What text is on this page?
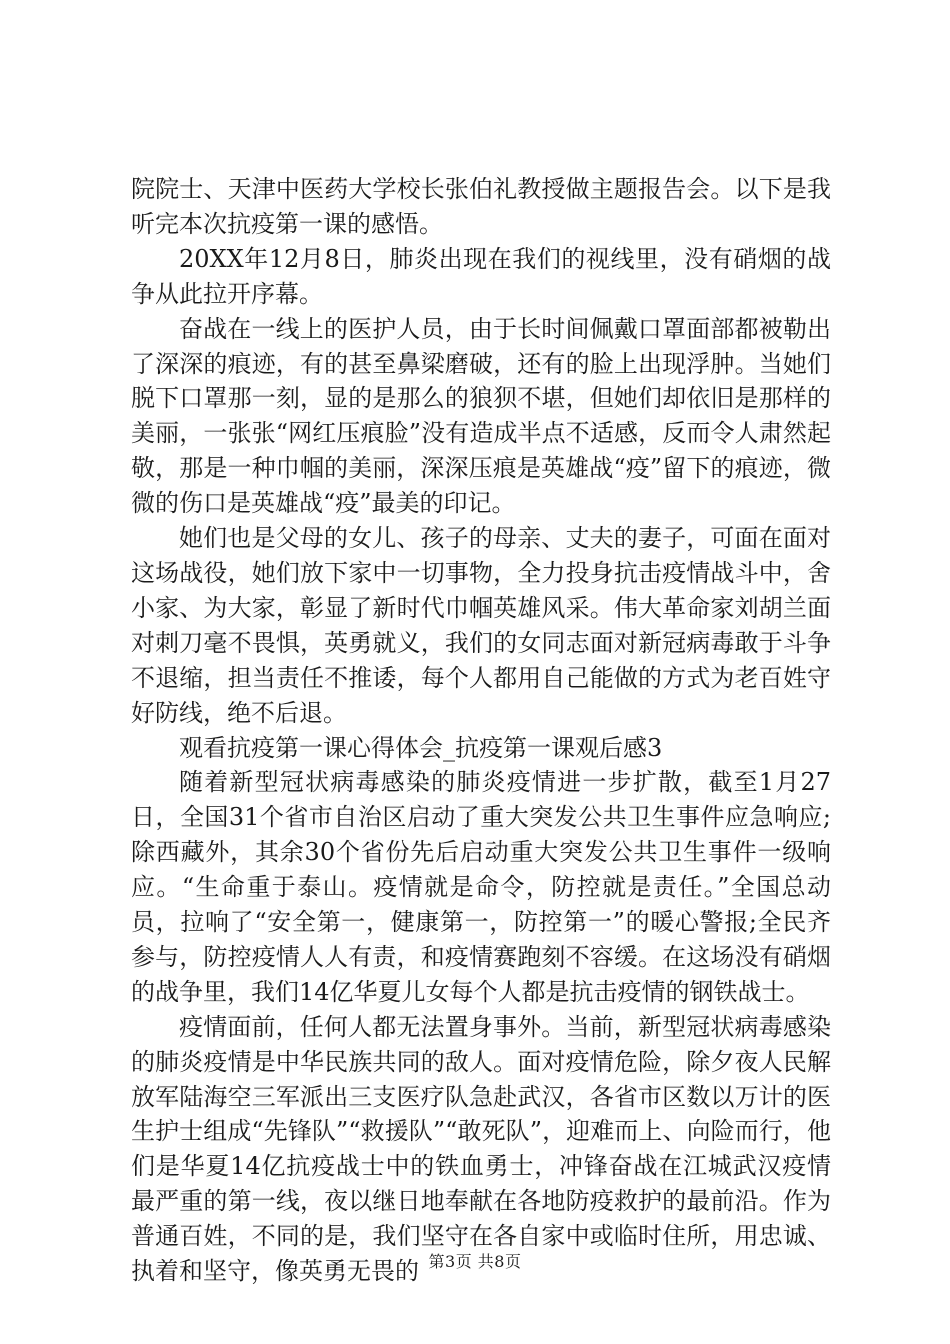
院院士、天津中医药大学校长张伯礼教授做主题报告会。以下是我听完本次抗疫第一课的感悟。

20XX年12月8日，肺炎出现在我们的视线里，没有硝烟的战争从此拉开序幕。

奋战在一线上的医护人员，由于长时间佩戴口罩面部都被勒出了深深的痕迹，有的甚至鼻梁磨破，还有的脸上出现浮肿。当她们脱下口罩那一刻，显的是那么的狼狈不堪，但她们却依旧是那样的美丽，一张张“网红压痕脸”没有造成半点不适感，反而令人肃然起敬，那是一种巾帼的美丽，深深压痕是英雄战“疫”留下的痕迹，微微的伤口是英雄战“疫”最美的印记。

她们也是父母的女儿、孩子的母亲、丈夫的妻子，可面在面对这场战役，她们放下家中一切事物，全力投身抗击疫情战斗中，舍小家、为大家，彰显了新时代巾帼英雄风采。伟大革命家刘胡兰面对刺刀毫不畏惧，英勇就义，我们的女同志面对新冠病毒敢于斗争不退缩，担当责任不推诿，每个人都用自己能做的方式为老百姓守好防线，绝不后退。

观看抗疫第一课心得体会_抗疫第一课观后感3

随着新型冠状病毒感染的肺炎疫情进一步扩散，截至1月27日，全国31个省市自治区启动了重大突发公共卫生事件应急响应;除西藏外，其余30个省份先后启动重大突发公共卫生事件一级响应。“生命重于泰山。疫情就是命令，防控就是责任。”全国总动员，拉响了“安全第一，健康第一，防控第一”的暖心警报;全民齐参与，防控疫情人人有责，和疫情赛跑刻不容缓。在这场没有硝烟的战争里，我们14亿华夏儿女每个人都是抗击疫情的钢铁战士。

疫情面前，任何人都无法置身事外。当前，新型冠状病毒感染的肺炎疫情是中华民族共同的敌人。面对疫情危险，除夕夜人民解放军陆海空三军派出三支医疗队急赴武汉，各省市区数以万计的医生护士组成“先锋队”“救援队”“敢死队”，迎难而上、向险而行，他们是华夏14亿抗疫战士中的铁血勇士，冲锋奋战在江城武汉疫情最严重的第一线，夜以继日地奉献在各地防疫救护的最前沿。作为普通百姓，不同的是，我们坚守在各自家中或临时住所，用忠诚、执着和坚守，像英勇无畏的 第3页 共8页
